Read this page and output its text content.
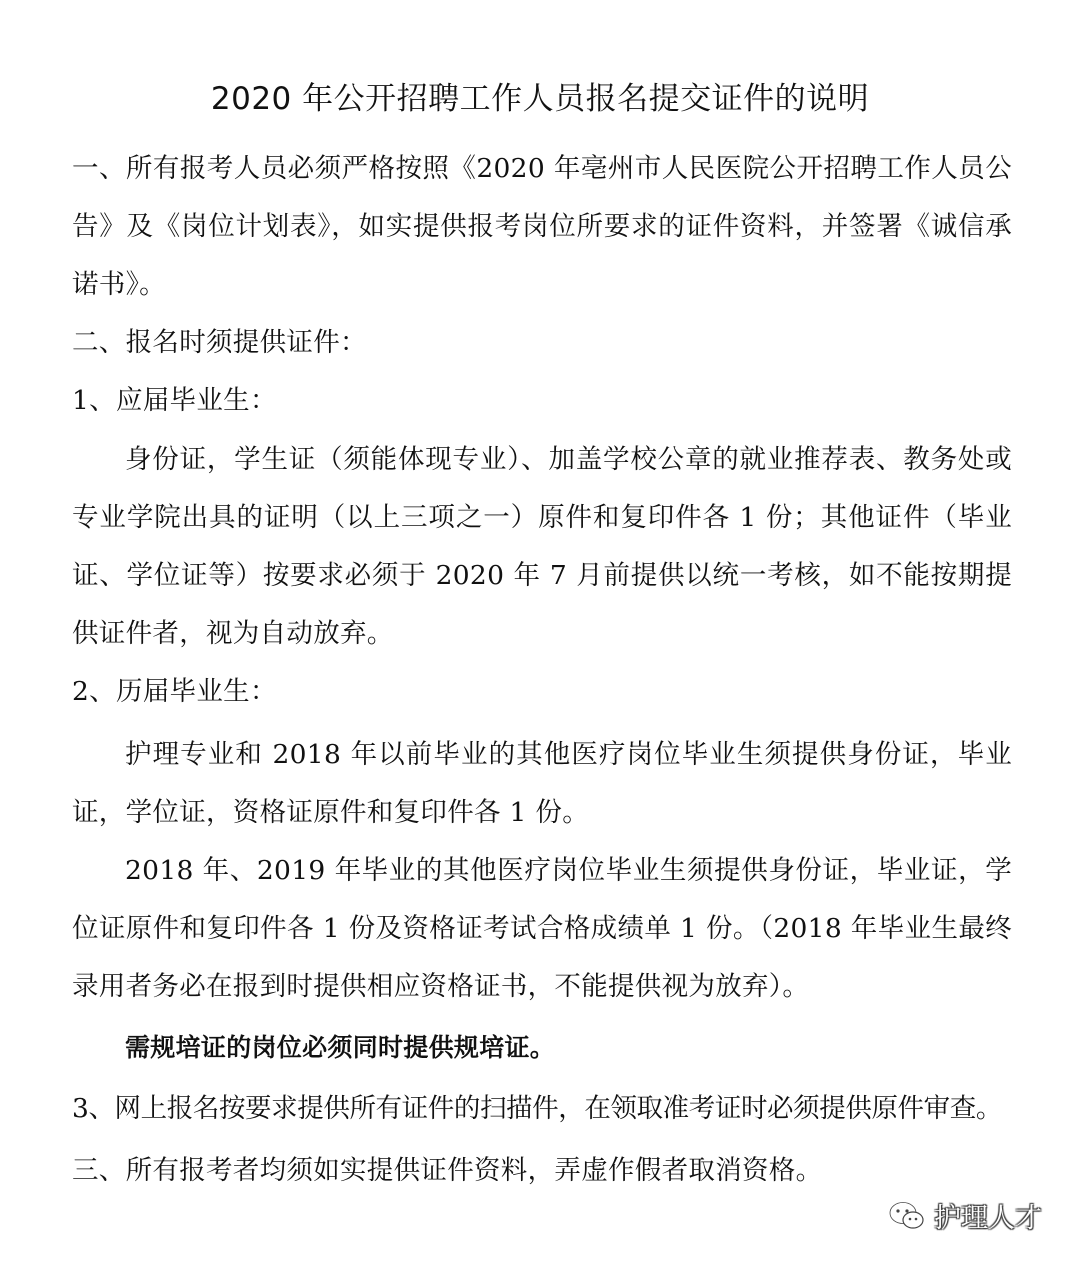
2020 年公开招聘工作人员报名提交证件的说明

一、所有报考人员必须严格按照《2020 年亳州市人民医院公开招聘工作人员公告》及《岗位计划表》，如实提供报考岗位所要求的证件资料，并签署《诚信承诺书》。

二、报名时须提供证件：

1、应届毕业生：

身份证，学生证（须能体现专业）、加盖学校公章的就业推荐表、教务处或专业学院出具的证明（以上三项之一）原件和复印件各 1 份；其他证件（毕业证、学位证等）按要求必须于 2020 年 7 月前提供以统一考核，如不能按期提供证件者，视为自动放弃。

2、历届毕业生：

护理专业和 2018 年以前毕业的其他医疗岗位毕业生须提供身份证，毕业证，学位证，资格证原件和复印件各 1 份。

2018 年、2019 年毕业的其他医疗岗位毕业生须提供身份证，毕业证，学位证原件和复印件各 1 份及资格证考试合格成绩单 1 份。（2018 年毕业生最终录用者务必在报到时提供相应资格证书，不能提供视为放弃）。

需规培证的岗位必须同时提供规培证。

3、网上报名按要求提供所有证件的扫描件，在领取准考证时必须提供原件审查。

三、所有报考者均须如实提供证件资料，弄虚作假者取消资格。

护理人才
